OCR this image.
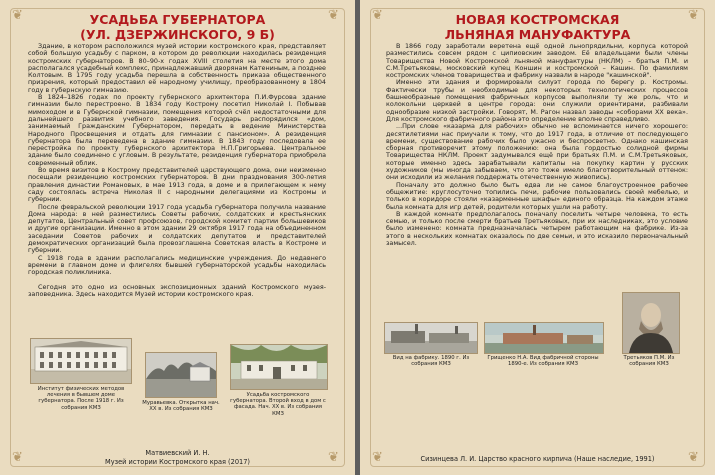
❦	❦
❦	❦
УСАДЬБА ГУБЕРНАТОРА
(УЛ. ДЗЕРЖИНСКОГО, 9 Б)

Здание, в котором расположился музей истории костромского края, представляет собой большую усадьбу с парком, в котором до революции находилась резиденция костромских губернаторов. В 80–90-х годах XVIII столетия на месте этого дома располагался усадебный комплекс, принадлежавший дворянам Катениным, а позднее Колтовым. В 1795 году усадьба перешла в собственность приказа общественного призрения, который предоставил её народному училищу, преобразованному в 1804 году в губернскую гимназию.

В 1824–1826 годах по проекту губернского архитектора П.И.Фурсова здание гимназии было перестроено. В 1834 году Кострому посетил Николай I. Побывав мимоходом и в Губернской гимназии, помещения которой счёл недостаточными для дальнейшего развития учебного заведения. Государь распорядился «дом, занимаемый Гражданским Губернатором, передать в ведение Министерства Народного Просвещения и отдать для гимназии с пансионом». А резиденция губернатора была переведена в здание гимназии. В 1843 году последовала ее перестройка по проекту губернского архитектора Н.П.Григорьева. Центральное здание было соединено с угловым. В результате, резиденция губернатора приобрела современный облик.

Во время визитов в Кострому представителей царствующего дома, они неизменно посещали резиденцию костромских губернаторов. В дни празднования 300-летия правления династии Романовых, в мае 1913 года, в доме и в прилегающем к нему саду состоялась встреча Николая II с народными делегациями из Костромы и губернии.

После февральской революции 1917 года усадьба губернатора получила название Дома народа: в ней разместились Советы рабочих, солдатских и крестьянских депутатов, Центральный совет профсоюзов, городской комитет партии большевиков и другие организации. Именно в этом здании 29 октября 1917 года на объединенном заседании Советов рабочих и солдатских депутатов и представителей демократических организаций была провозглашена Советская власть в Костроме и губернии.

С 1918 года в здании располагались медицинские учреждения. До недавнего времени в главном доме и флигелях бывшей губернаторской усадьбы находилась городская поликлиника.

Сегодня это одно из основных экспозиционных зданий Костромского музея-заповедника. Здесь находится Музей истории костромского края.

Институт физических методов лечения в бывшем доме губернатора. После 1918 г. Из собрания КМЗ
Муравьевка. Открытка нач. XX в. Из собрания КМЗ
Усадьба костромского губернатора. Второй вход в дом с фасада. Нач. XX в. Из собрания КМЗ
Матвиевский И. Н.
Музей истории Костромского края (2017)
❦	❦
❦	❦
НОВАЯ КОСТРОМСКАЯ
ЛЬНЯНАЯ МАНУФАКТУРА

В 1866 году заработали веретена ещё одной льнопрядильни, корпуса которой разместились совсем рядом с ципиовским заводом. Её владельцами были члены Товарищества Новой Костромской льняной мануфактуры (НКЛМ) – братья П.М. и С.М.Третьяковы, московский купец Коншин и костромской – Кашин. По фамилиям костромских членов товарищества и фабрику назвали в народе "кашинской".

Именно эти здания и формировали силуэт города по берегу р. Костромы. Фактически трубы и необходимые для некоторых технологических процессов башнеобразные помещения фабричных корпусов выполняли ту же роль, что и колокольни церквей в центре города: они служили ориентирами, разбивали однообразие низкой застройки. Говорят, М. Рагон назвал заводы «соборами XX века». Для костромского фабричного района это определение вполне справедливо.

...При слове «казарма для рабочих» обычно не вспоминается ничего хорошего: десятилетиями нас приучали к тому, что до 1917 года, в отличие от последующего времени, существование рабочих было ужасно и беспросветно. Однако кашинская сборная противоречит этому положению: она была гордостью солидной фирмы Товарищества НКЛМ. Проект задумывался ещё при братьях П.М. и С.М.Третьяковых, которые именно здесь зарабатывали капиталы на покупку картин у русских художников (мы иногда забываем, что это тоже имело благотворительный оттенок: они исходили из желания поддержать отечественную живопись).

Поначалу это должно было быть едва ли не самое благоустроенное рабочее общежитие: круглосуточно топились печи, рабочие пользовались своей мебелью, и только в коридоре стояли «казарменные шкафы» единого образца. На каждом этаже была комната для игр детей, родители которых ушли на работу.

В каждой комнате предполагалось поначалу поселить четыре человека, то есть семью, и только после смерти братьев Третьяковых, при их наследниках, это условие было изменено: комната предназначалась четырем работающим на фабрике. Из-за этого в нескольких комнатах оказалось по две семьи, и это исказило первоначальный замысел.

Вид на фабрику. 1890 г. Из собрания КМЗ
Грищенко Н.А. Вид фабричной стороны 1890-е. Из собрания КМЗ
Третьяков П.М. Из собрания КМЗ
Сизинцева Л. И. Царство красного кирпича (Наше наследие, 1991)
